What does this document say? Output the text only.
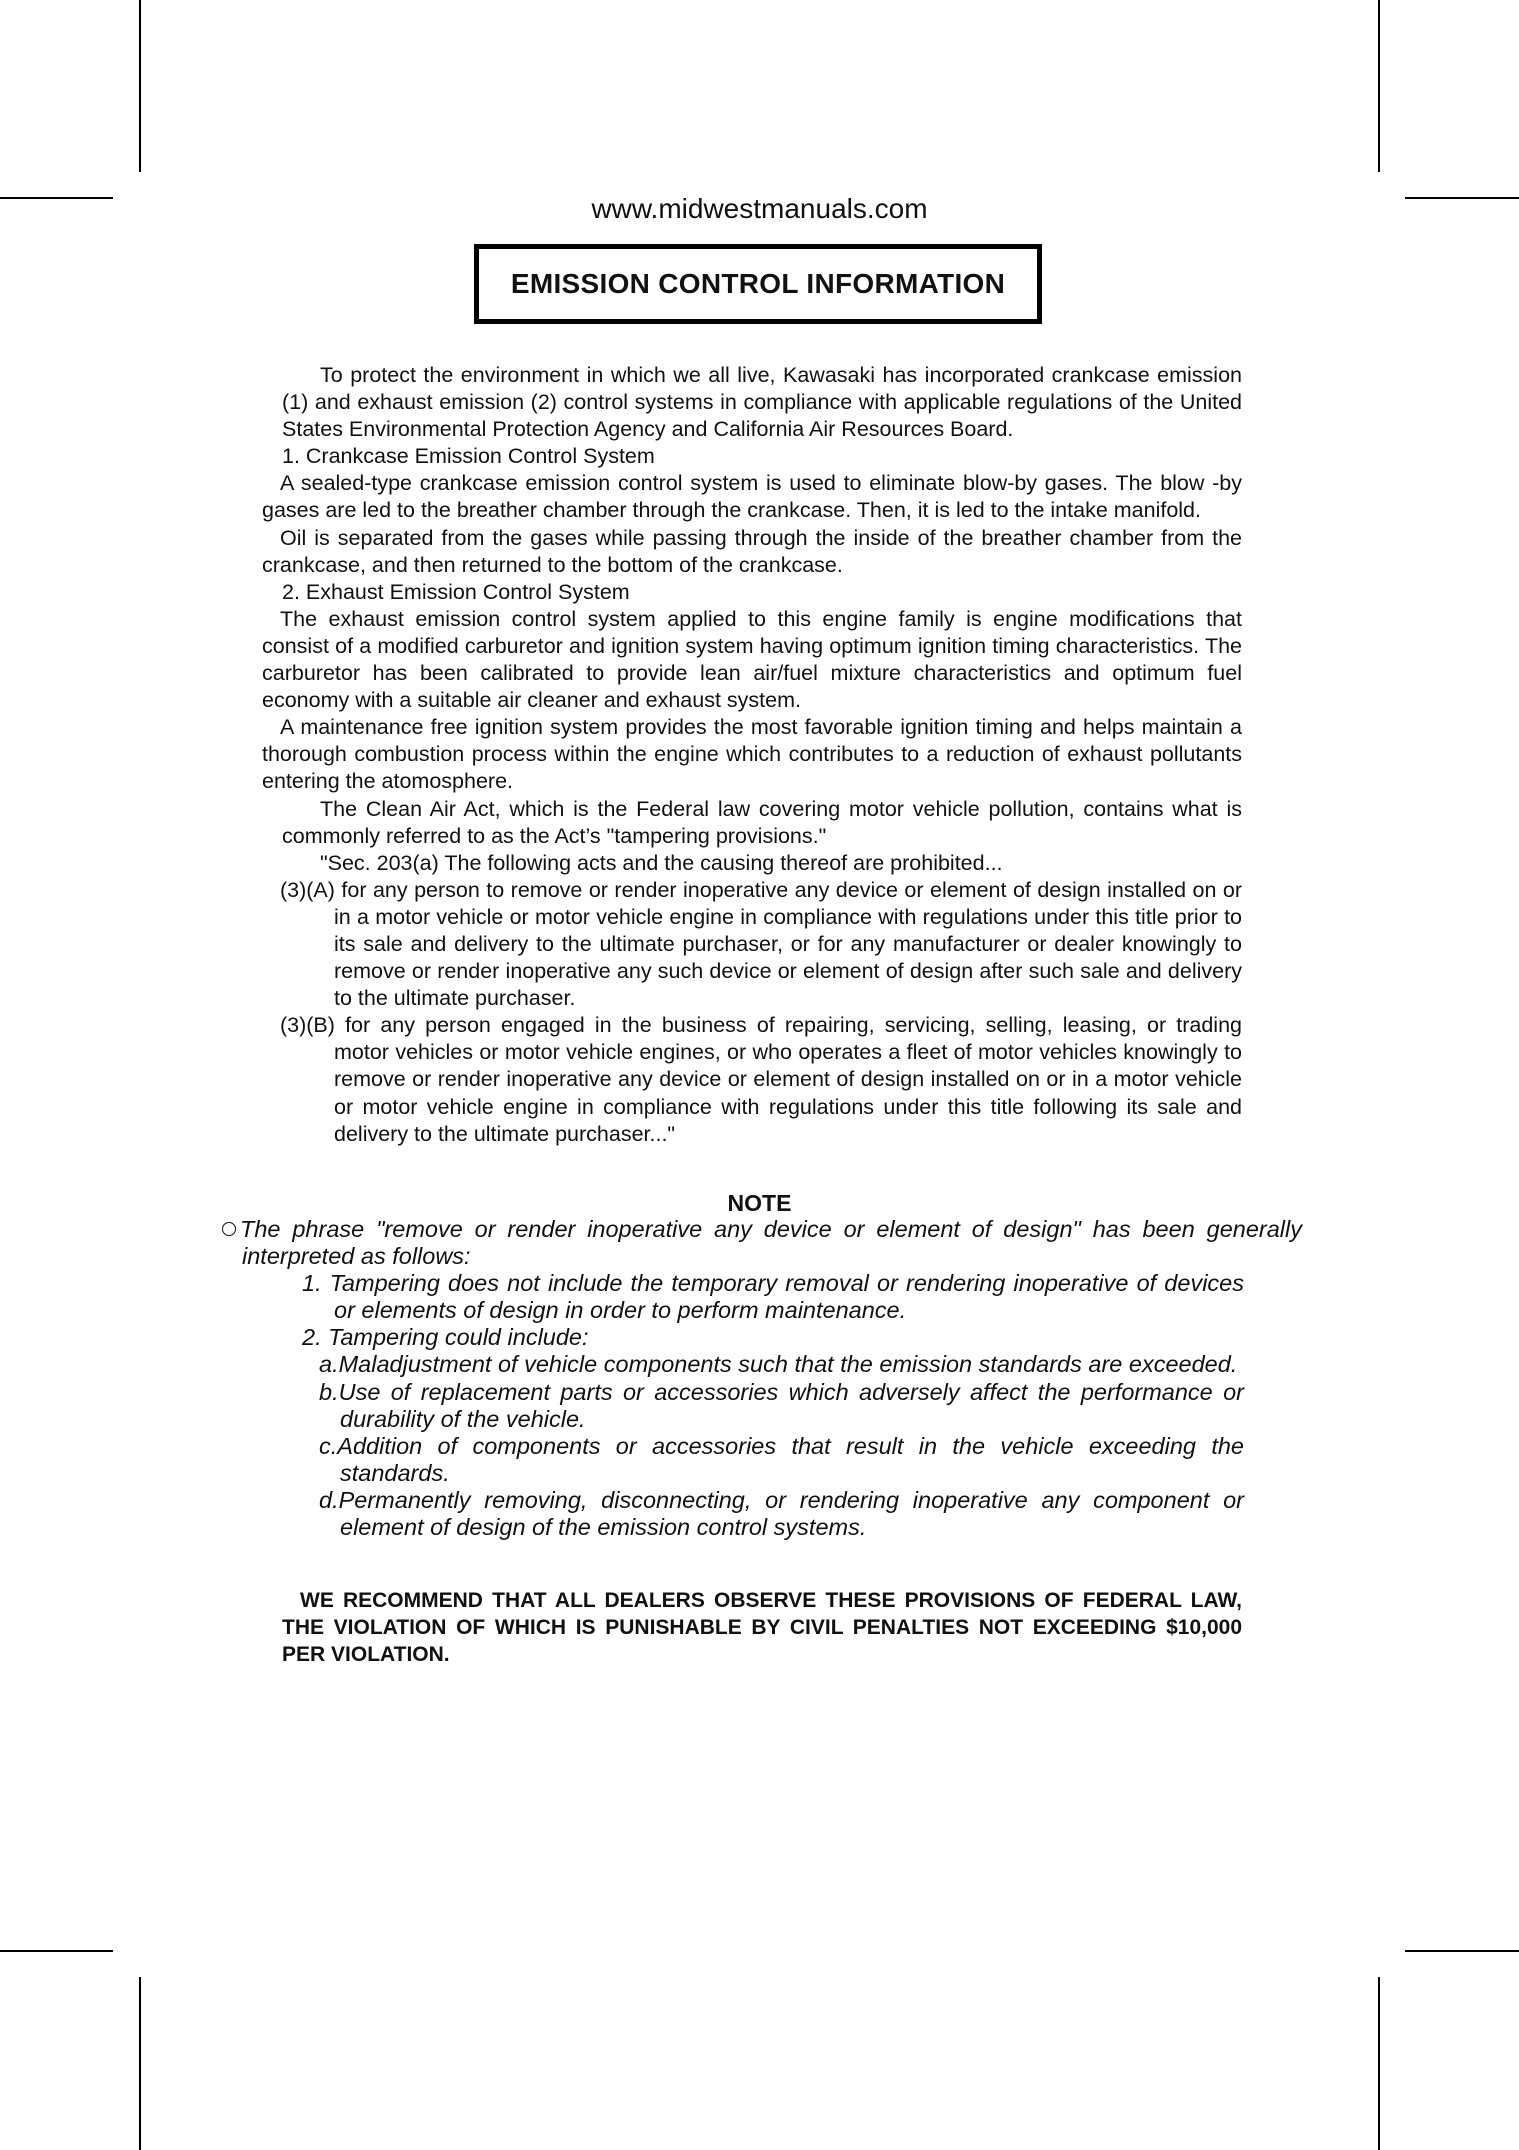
www.midwestmanuals.com
EMISSION CONTROL INFORMATION

To protect the environment in which we all live, Kawasaki has incorporated crankcase emission (1) and exhaust emission (2) control systems in compliance with applicable regulations of the United States Environmental Protection Agency and California Air Resources Board.

1. Crankcase Emission Control System

A sealed-type crankcase emission control system is used to eliminate blow-by gases. The blow -by gases are led to the breather chamber through the crankcase. Then, it is led to the intake manifold.

Oil is separated from the gases while passing through the inside of the breather chamber from the crankcase, and then returned to the bottom of the crankcase.

2. Exhaust Emission Control System

The exhaust emission control system applied to this engine family is engine modifications that consist of a modified carburetor and ignition system having optimum ignition timing characteristics. The carburetor has been calibrated to provide lean air/fuel mixture characteristics and optimum fuel economy with a suitable air cleaner and exhaust system.

A maintenance free ignition system provides the most favorable ignition timing and helps maintain a thorough combustion process within the engine which contributes to a reduction of exhaust pollutants entering the atomosphere.

The Clean Air Act, which is the Federal law covering motor vehicle pollution, contains what is commonly referred to as the Act’s "tampering provisions."

"Sec. 203(a) The following acts and the causing thereof are prohibited...

(3)(A) for any person to remove or render inoperative any device or element of design installed on or in a motor vehicle or motor vehicle engine in compliance with regulations under this title prior to its sale and delivery to the ultimate purchaser, or for any manufacturer or dealer knowingly to remove or render inoperative any such device or element of design after such sale and delivery to the ultimate purchaser.

(3)(B) for any person engaged in the business of repairing, servicing, selling, leasing, or trading motor vehicles or motor vehicle engines, or who operates a fleet of motor vehicles knowingly to remove or render inoperative any device or element of design installed on or in a motor vehicle or motor vehicle engine in compliance with regulations under this title following its sale and delivery to the ultimate purchaser..."

NOTE

The phrase "remove or render inoperative any device or element of design" has been generally interpreted as follows:

1. Tampering does not include the temporary removal or rendering inoperative of devices or elements of design in order to perform maintenance.

2. Tampering could include:

a.Maladjustment of vehicle components such that the emission standards are exceeded.

b.Use of replacement parts or accessories which adversely affect the performance or durability of the vehicle.

c.Addition of components or accessories that result in the vehicle exceeding the standards.

d.Permanently removing, disconnecting, or rendering inoperative any component or element of design of the emission control systems.

WE RECOMMEND THAT ALL DEALERS OBSERVE THESE PROVISIONS OF FEDERAL LAW, THE VIOLATION OF WHICH IS PUNISHABLE BY CIVIL PENALTIES NOT EXCEEDING $10,000 PER VIOLATION.
